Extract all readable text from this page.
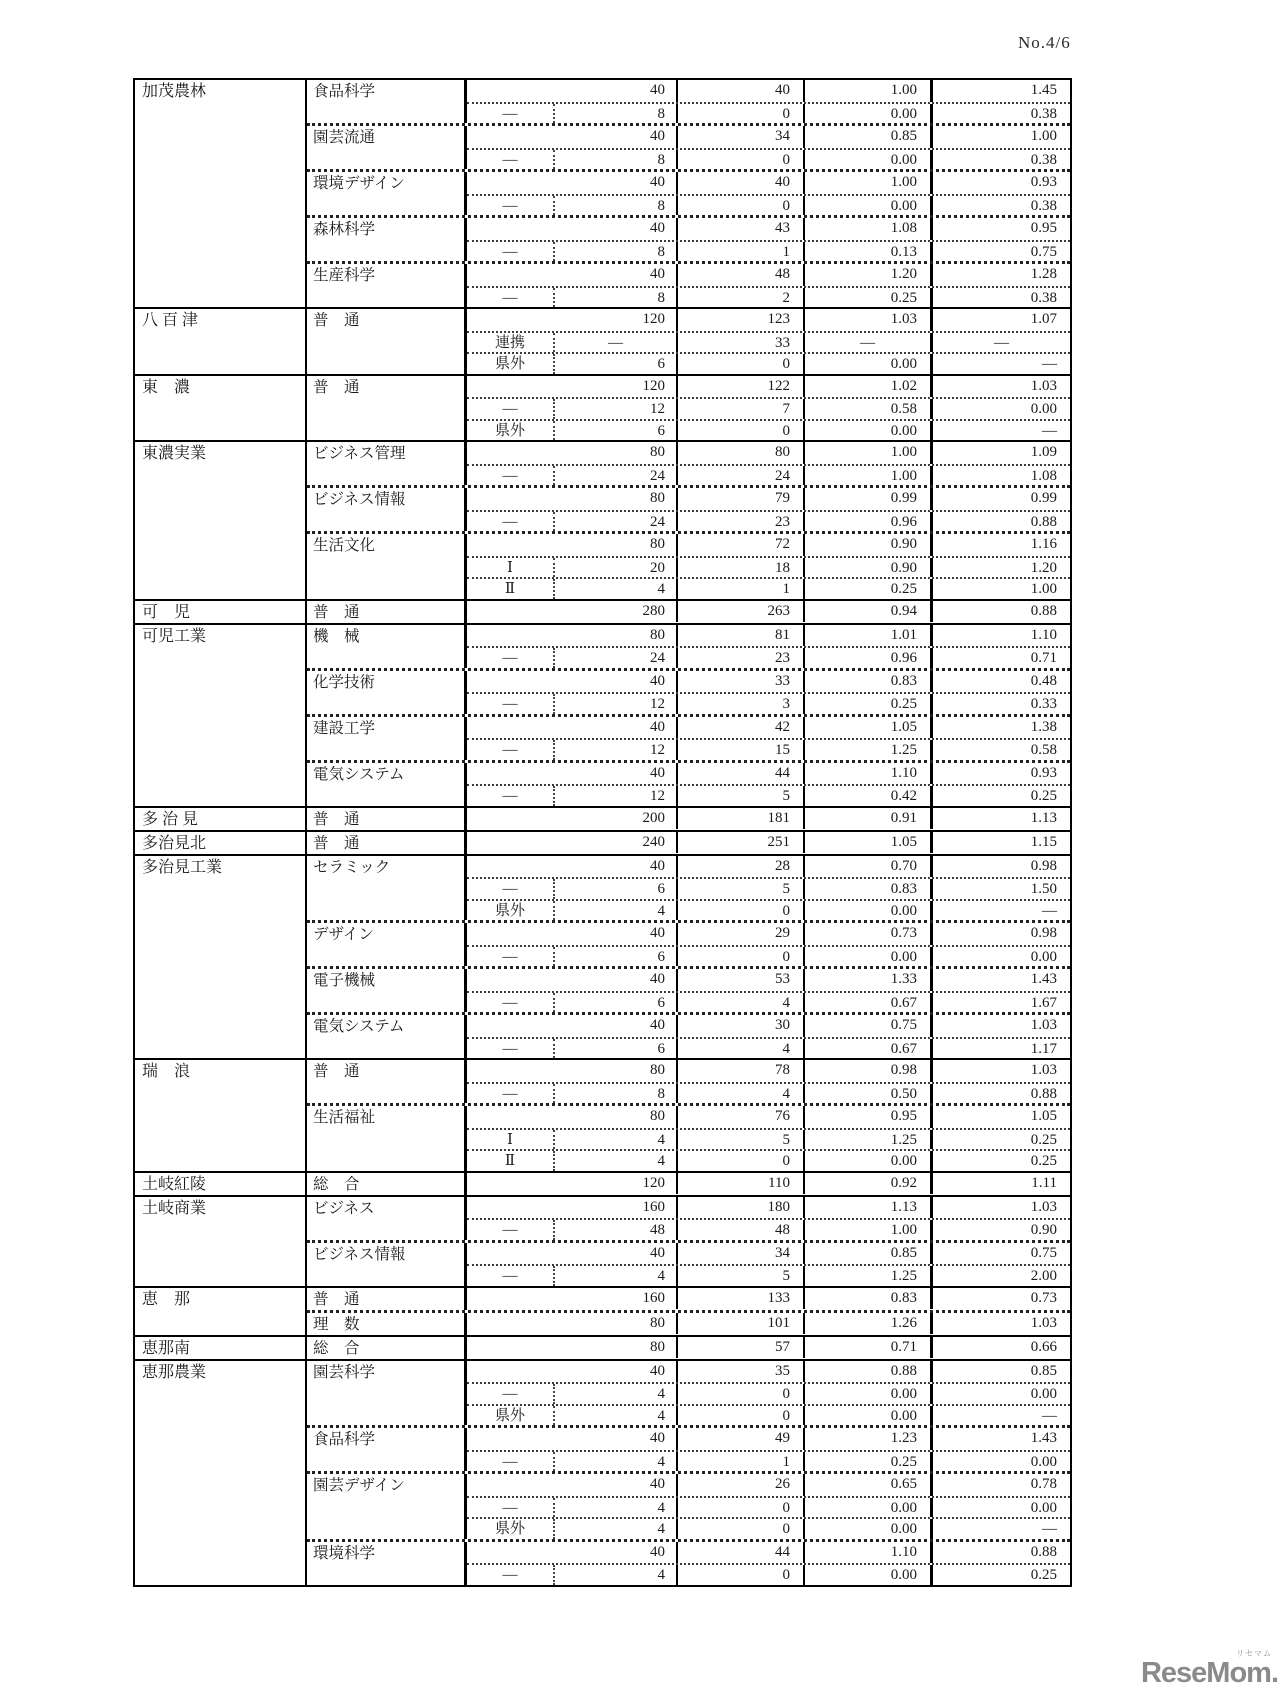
No.4/6
加茂農林	食品科学	40	40	1.00	1.45
—	8	0	0.00	0.38
園芸流通	40	34	0.85	1.00
—	8	0	0.00	0.38
環境デザイン	40	40	1.00	0.93
—	8	0	0.00	0.38
森林科学	40	43	1.08	0.95
—	8	1	0.13	0.75
生産科学	40	48	1.20	1.28
—	8	2	0.25	0.38
八 百 津	普　通	120	123	1.03	1.07
連携	—	33	—	—
県外	6	0	0.00	—
東　濃	普　通	120	122	1.02	1.03
—	12	7	0.58	0.00
県外	6	0	0.00	—
東濃実業	ビジネス管理	80	80	1.00	1.09
—	24	24	1.00	1.08
ビジネス情報	80	79	0.99	0.99
—	24	23	0.96	0.88
生活文化	80	72	0.90	1.16
Ⅰ	20	18	0.90	1.20
Ⅱ	4	1	0.25	1.00
可　児	普　通	280	263	0.94	0.88
可児工業	機　械	80	81	1.01	1.10
—	24	23	0.96	0.71
化学技術	40	33	0.83	0.48
—	12	3	0.25	0.33
建設工学	40	42	1.05	1.38
—	12	15	1.25	0.58
電気システム	40	44	1.10	0.93
—	12	5	0.42	0.25
多 治 見	普　通	200	181	0.91	1.13
多治見北	普　通	240	251	1.05	1.15
多治見工業	セラミック	40	28	0.70	0.98
—	6	5	0.83	1.50
県外	4	0	0.00	—
デザイン	40	29	0.73	0.98
—	6	0	0.00	0.00
電子機械	40	53	1.33	1.43
—	6	4	0.67	1.67
電気システム	40	30	0.75	1.03
—	6	4	0.67	1.17
瑞　浪	普　通	80	78	0.98	1.03
—	8	4	0.50	0.88
生活福祉	80	76	0.95	1.05
Ⅰ	4	5	1.25	0.25
Ⅱ	4	0	0.00	0.25
土岐紅陵	総　合	120	110	0.92	1.11
土岐商業	ビジネス	160	180	1.13	1.03
—	48	48	1.00	0.90
ビジネス情報	40	34	0.85	0.75
—	4	5	1.25	2.00
恵　那	普　通	160	133	0.83	0.73
理　数	80	101	1.26	1.03
恵那南	総　合	80	57	0.71	0.66
恵那農業	園芸科学	40	35	0.88	0.85
—	4	0	0.00	0.00
県外	4	0	0.00	—
食品科学	40	49	1.23	1.43
—	4	1	0.25	0.00
園芸デザイン	40	26	0.65	0.78
—	4	0	0.00	0.00
県外	4	0	0.00	—
環境科学	40	44	1.10	0.88
—	4	0	0.00	0.25
リセマム
ReseMom.
